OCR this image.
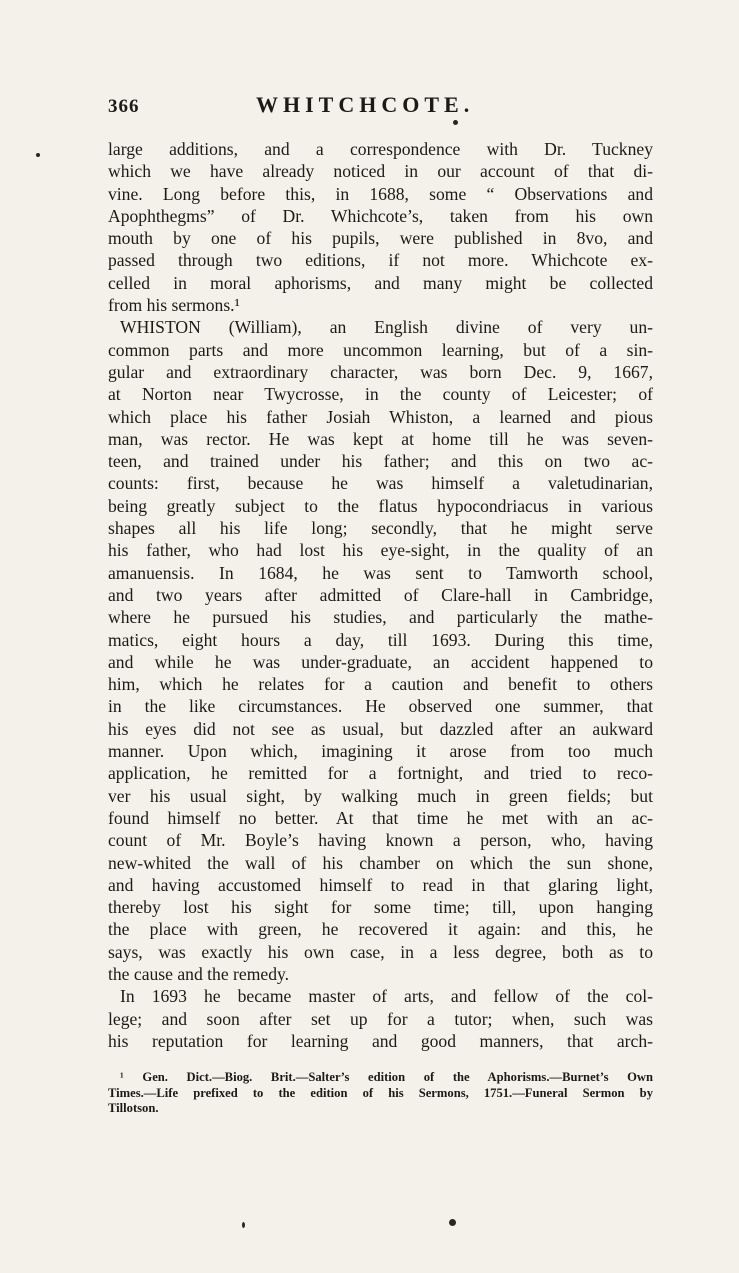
366	WHITCHCOTE.
large additions, and a correspondence with Dr. Tuckney
which we have already noticed in our account of that di-
vine. Long before this, in 1688, some “ Observations and
Apophthegms” of Dr. Whichcote’s, taken from his own
mouth by one of his pupils, were published in 8vo, and
passed through two editions, if not more. Whichcote ex-
celled in moral aphorisms, and many might be collected
from his sermons.¹
WHISTON (William), an English divine of very un-
common parts and more uncommon learning, but of a sin-
gular and extraordinary character, was born Dec. 9, 1667,
at Norton near Twycrosse, in the county of Leicester; of
which place his father Josiah Whiston, a learned and pious
man, was rector. He was kept at home till he was seven-
teen, and trained under his father; and this on two ac-
counts: first, because he was himself a valetudinarian,
being greatly subject to the flatus hypocondriacus in various
shapes all his life long; secondly, that he might serve
his father, who had lost his eye-sight, in the quality of an
amanuensis. In 1684, he was sent to Tamworth school,
and two years after admitted of Clare-hall in Cambridge,
where he pursued his studies, and particularly the mathe-
matics, eight hours a day, till 1693. During this time,
and while he was under-graduate, an accident happened to
him, which he relates for a caution and benefit to others
in the like circumstances. He observed one summer, that
his eyes did not see as usual, but dazzled after an aukward
manner. Upon which, imagining it arose from too much
application, he remitted for a fortnight, and tried to reco-
ver his usual sight, by walking much in green fields; but
found himself no better. At that time he met with an ac-
count of Mr. Boyle’s having known a person, who, having
new-whited the wall of his chamber on which the sun shone,
and having accustomed himself to read in that glaring light,
thereby lost his sight for some time; till, upon hanging
the place with green, he recovered it again: and this, he
says, was exactly his own case, in a less degree, both as to
the cause and the remedy.
In 1693 he became master of arts, and fellow of the col-
lege; and soon after set up for a tutor; when, such was
his reputation for learning and good manners, that arch-
¹ Gen. Dict.—Biog. Brit.—Salter’s edition of the Aphorisms.—Burnet’s Own
Times.—Life prefixed to the edition of his Sermons, 1751.—Funeral Sermon by
Tillotson.
